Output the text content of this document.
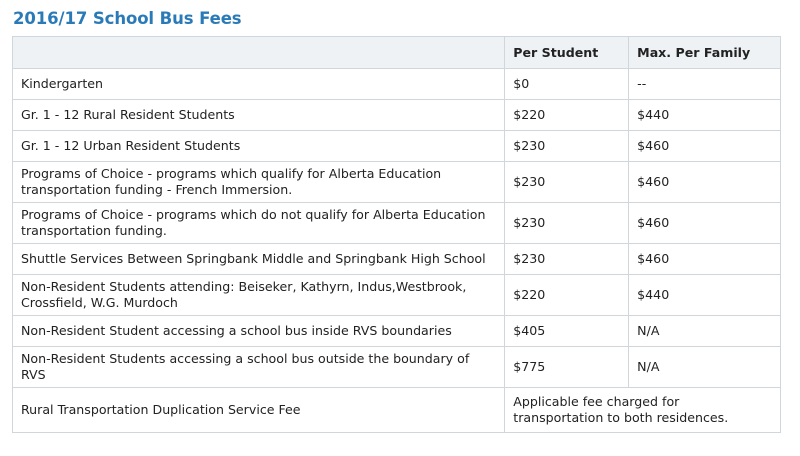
2016/17 School Bus Fees
	Per Student	Max. Per Family
Kindergarten	$0	--
Gr. 1 - 12 Rural Resident Students	$220	$440
Gr. 1 - 12 Urban Resident Students	$230	$460
Programs of Choice - programs which qualify for Alberta Education transportation funding - French Immersion.	$230	$460
Programs of Choice - programs which do not qualify for Alberta Education transportation funding.	$230	$460
Shuttle Services Between Springbank Middle and Springbank High School	$230	$460
Non-Resident Students attending: Beiseker, Kathyrn, Indus,Westbrook, Crossfield, W.G. Murdoch	$220	$440
Non-Resident Student accessing a school bus inside RVS boundaries	$405	N/A
Non-Resident Students accessing a school bus outside the boundary of RVS	$775	N/A
Rural Transportation Duplication Service Fee	Applicable fee charged for transportation to both residences.	
